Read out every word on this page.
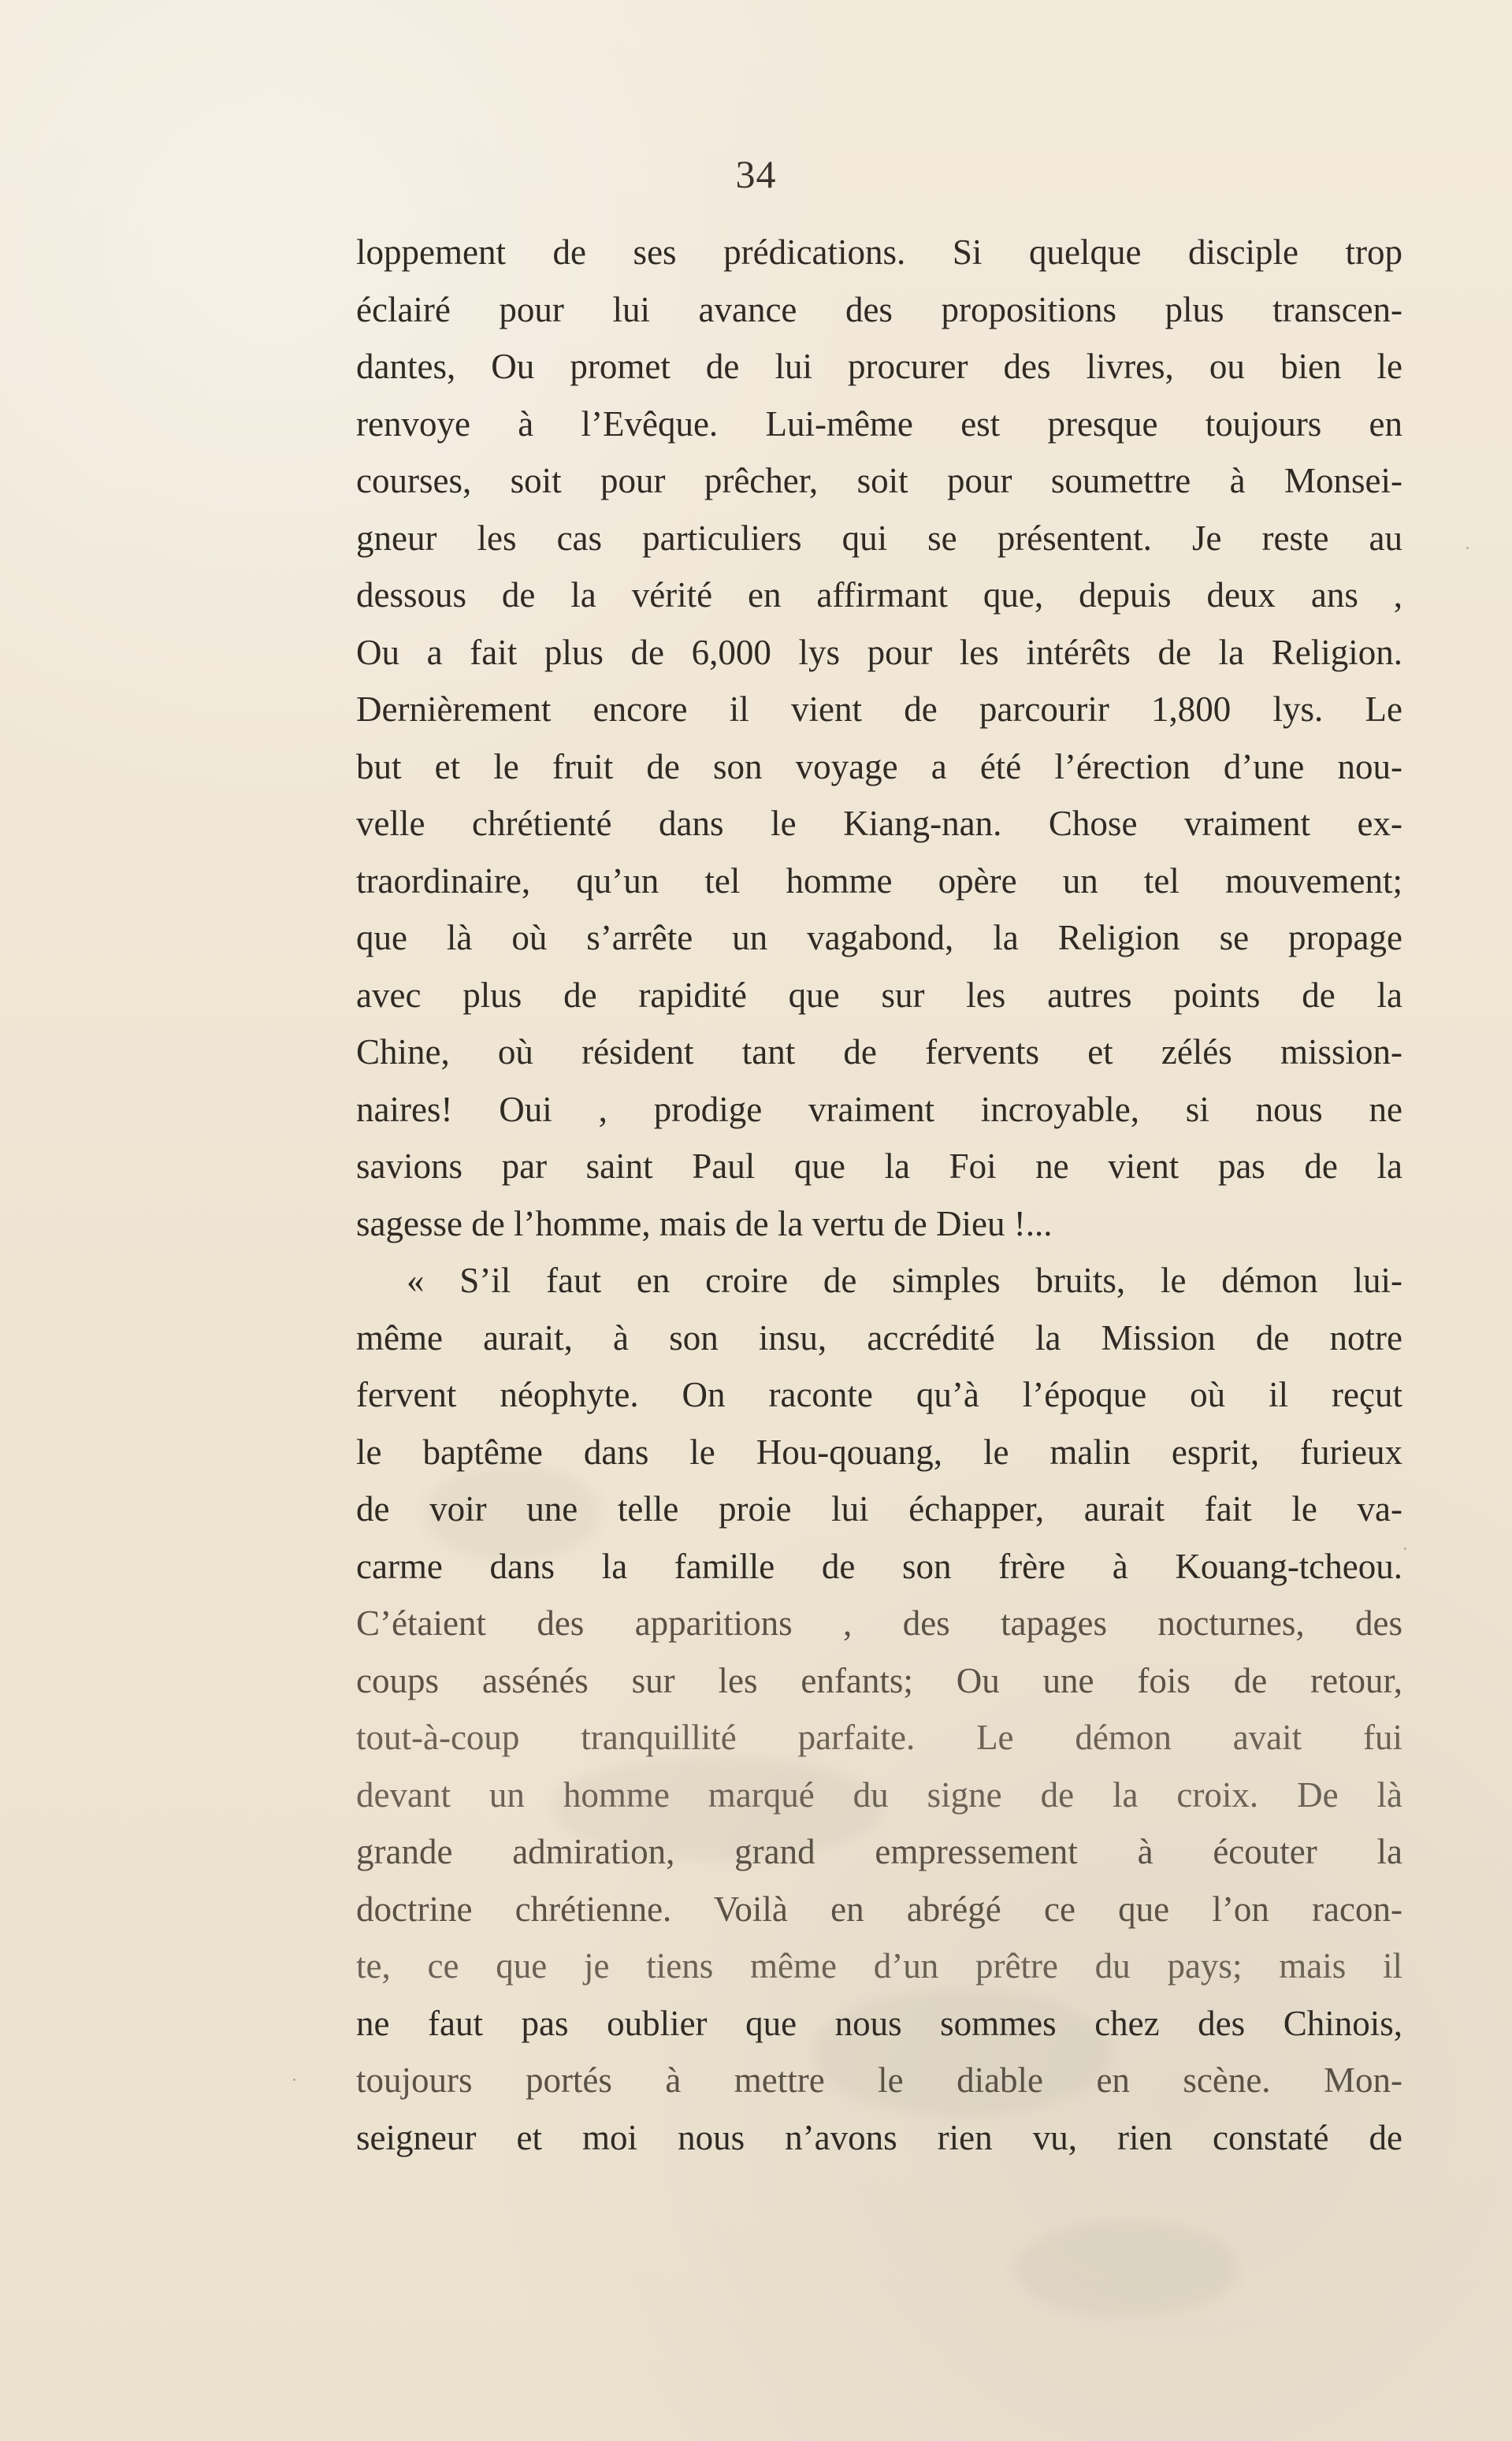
34
loppement de ses prédications. Si quelque disciple trop
éclairé pour lui avance des propositions plus transcen-
dantes, Ou promet de lui procurer des livres, ou bien le
renvoye à l’Evêque. Lui-même est presque toujours en
courses, soit pour prêcher, soit pour soumettre à Monsei-
gneur les cas particuliers qui se présentent. Je reste au
dessous de la vérité en affirmant que, depuis deux ans ,
Ou a fait plus de 6,000 lys pour les intérêts de la Religion.
Dernièrement encore il vient de parcourir 1,800 lys. Le
but et le fruit de son voyage a été l’érection d’une nou-
velle chrétienté dans le Kiang-nan. Chose vraiment ex-
traordinaire, qu’un tel homme opère un tel mouvement;
que là où s’arrête un vagabond, la Religion se propage
avec plus de rapidité que sur les autres points de la
Chine, où résident tant de fervents et zélés mission-
naires! Oui , prodige vraiment incroyable, si nous ne
savions par saint Paul que la Foi ne vient pas de la
sagesse de l’homme, mais de la vertu de Dieu !...
« S’il faut en croire de simples bruits, le démon lui-
même aurait, à son insu, accrédité la Mission de notre
fervent néophyte. On raconte qu’à l’époque où il reçut
le baptême dans le Hou-qouang, le malin esprit, furieux
de voir une telle proie lui échapper, aurait fait le va-
carme dans la famille de son frère à Kouang-tcheou.
C’étaient des apparitions , des tapages nocturnes, des
coups assénés sur les enfants; Ou une fois de retour,
tout-à-coup tranquillité parfaite. Le démon avait fui
devant un homme marqué du signe de la croix. De là
grande admiration, grand empressement à écouter la
doctrine chrétienne. Voilà en abrégé ce que l’on racon-
te, ce que je tiens même d’un prêtre du pays; mais il
ne faut pas oublier que nous sommes chez des Chinois,
toujours portés à mettre le diable en scène. Mon-
seigneur et moi nous n’avons rien vu, rien constaté de
